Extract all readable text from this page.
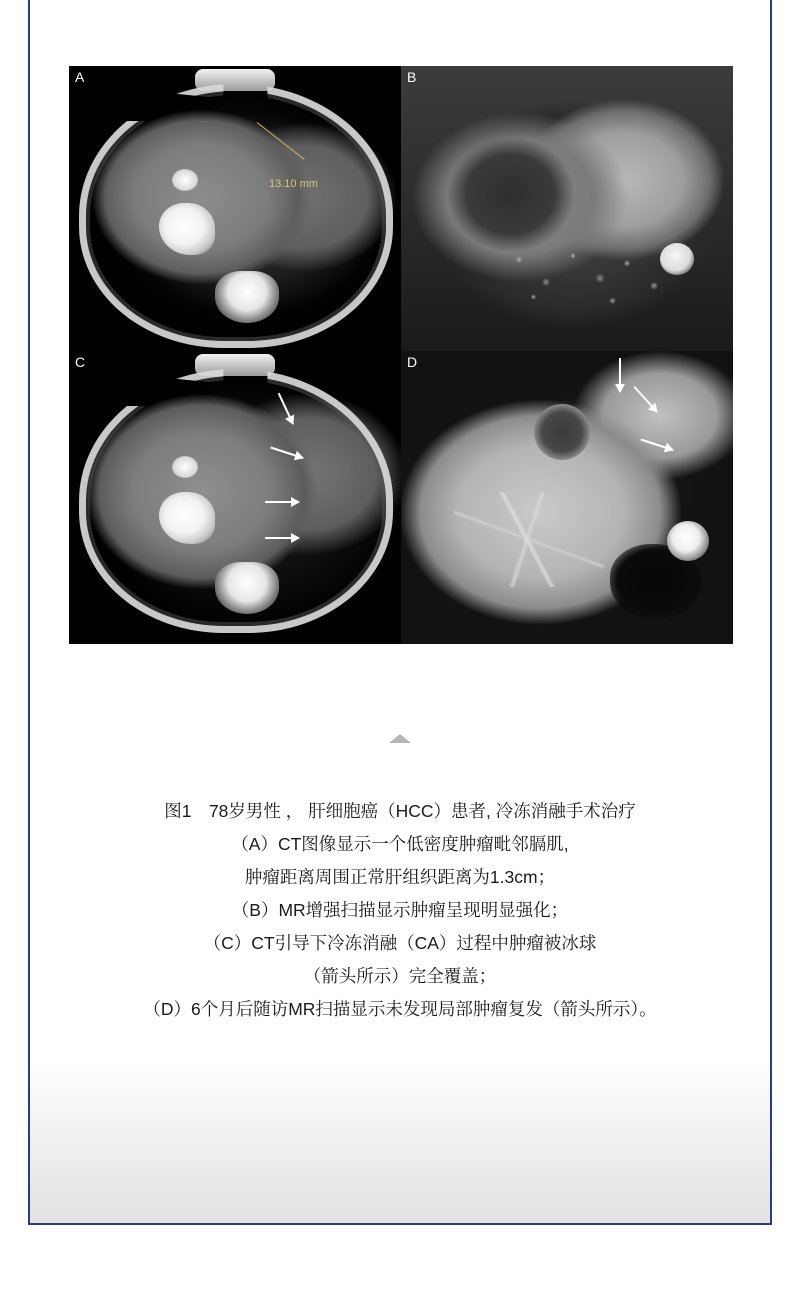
13.10 mm
A	B
C	D
图1　78岁男性 ， 肝细胞癌（HCC）患者, 冷冻消融手术治疗
（A）CT图像显示一个低密度肿瘤毗邻膈肌,
肿瘤距离周围正常肝组织距离为1.3cm；
（B）MR增强扫描显示肿瘤呈现明显强化；
（C）CT引导下冷冻消融（CA）过程中肿瘤被冰球
（箭头所示）完全覆盖；
（D）6个月后随访MR扫描显示未发现局部肿瘤复发（箭头所示）。
